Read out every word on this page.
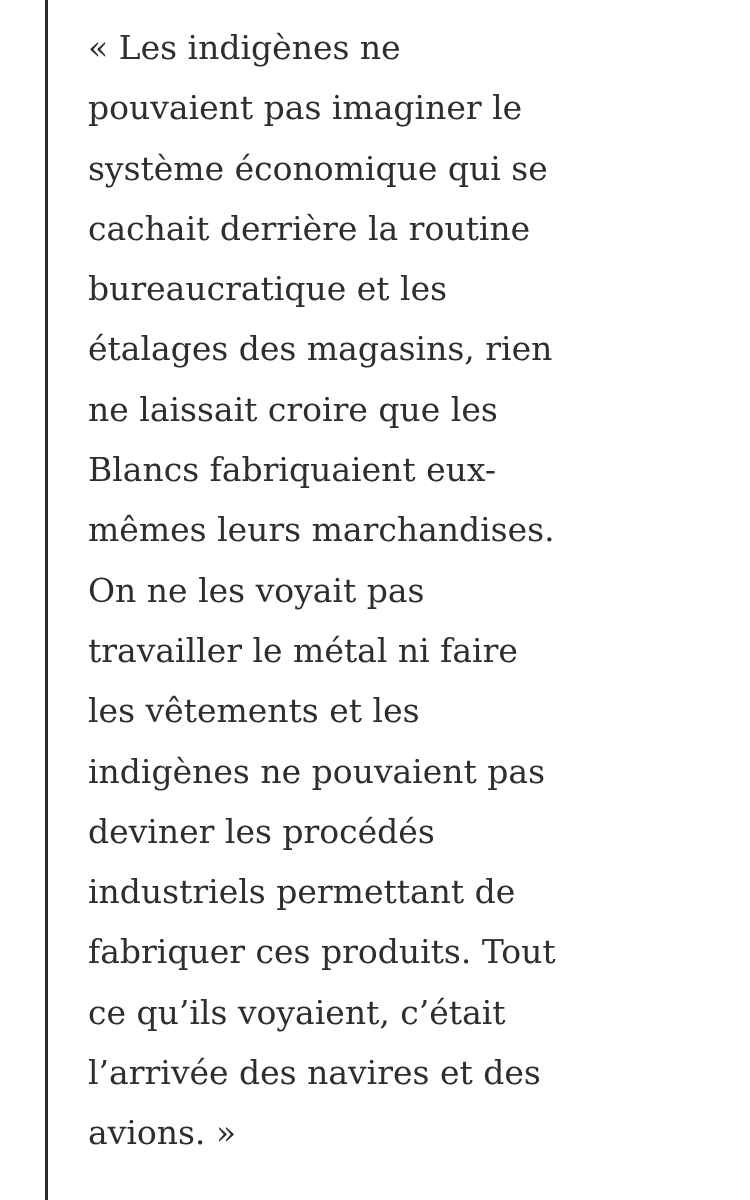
« Les indigènes ne
pouvaient pas imaginer le
système économique qui se
cachait derrière la routine
bureaucratique et les
étalages des magasins, rien
ne laissait croire que les
Blancs fabriquaient eux-
mêmes leurs marchandises.
On ne les voyait pas
travailler le métal ni faire
les vêtements et les
indigènes ne pouvaient pas
deviner les procédés
industriels permettant de
fabriquer ces produits. Tout
ce qu’ils voyaient, c’était
l’arrivée des navires et des
avions. »
